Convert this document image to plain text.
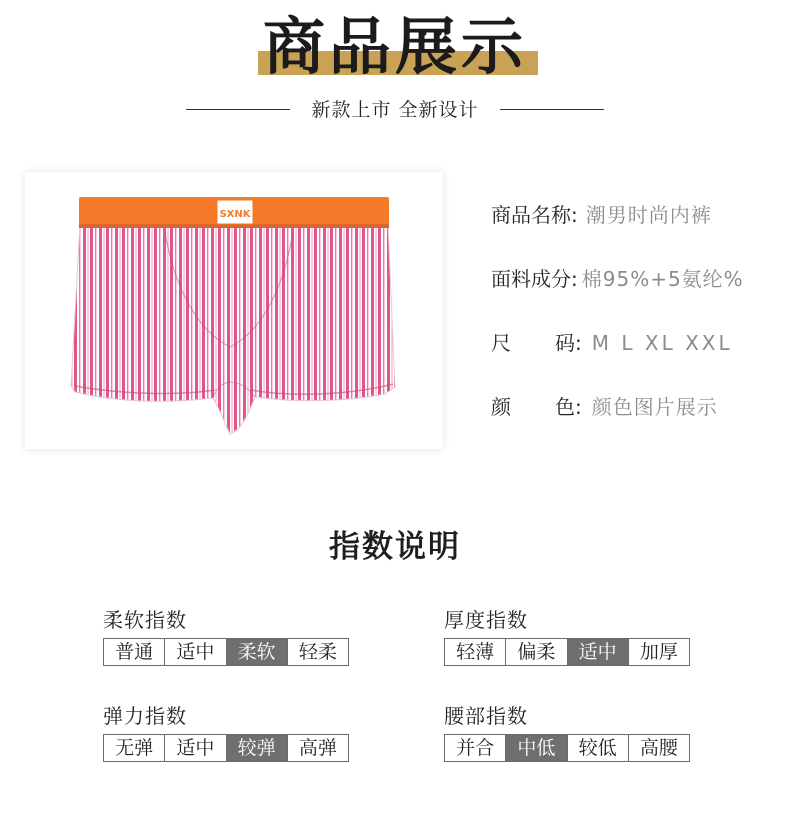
商品展示
新款上市 全新设计
SXNK	商品名称: 潮男时尚内裤
面料成分: 棉95%+5氨纶%
尺 码: M L XL XXL
颜 色: 颜色图片展示
指数说明
柔软指数
普通	适中	柔软	轻柔
厚度指数
轻薄	偏柔	适中	加厚
弹力指数
无弹	适中	较弹	高弹
腰部指数
并合	中低	较低	高腰
